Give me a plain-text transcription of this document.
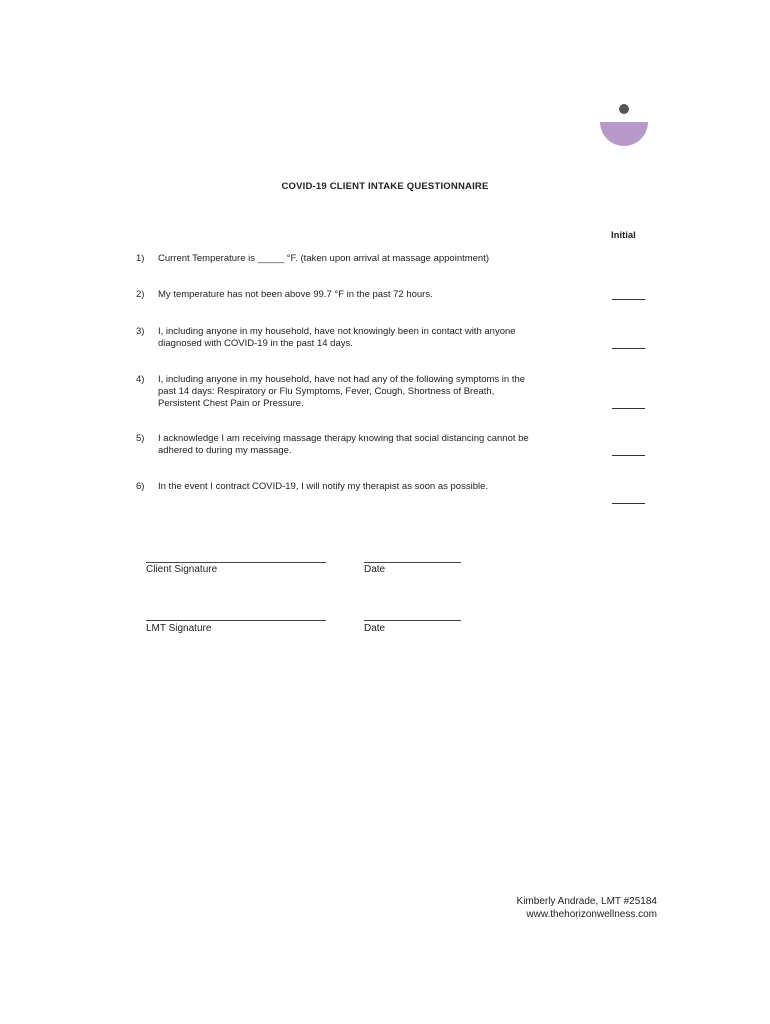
COVID-19 CLIENT INTAKE QUESTIONNAIRE
Initial
1) Current Temperature is _____ °F. (taken upon arrival at massage appointment)
2) My temperature has not been above 99.7 °F in the past 72 hours.
3) I, including anyone in my household, have not knowingly been in contact with anyone diagnosed with COVID-19 in the past 14 days.
4) I, including anyone in my household, have not had any of the following symptoms in the past 14 days: Respiratory or Flu Symptoms, Fever, Cough, Shortness of Breath, Persistent Chest Pain or Pressure.
5) I acknowledge I am receiving massage therapy knowing that social distancing cannot be adhered to during my massage.
6) In the event I contract COVID-19, I will notify my therapist as soon as possible.
Client Signature	Date
LMT Signature	Date
Kimberly Andrade, LMT #25184
www.thehorizonwellness.com
